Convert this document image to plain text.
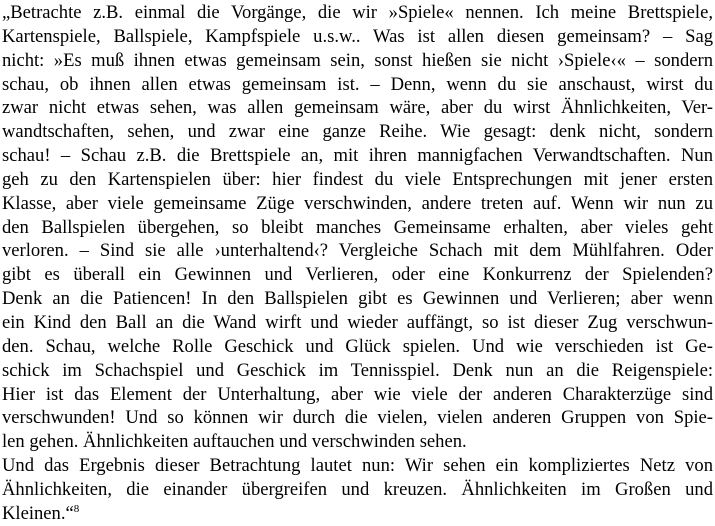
„Betrachte z.B. einmal die Vorgänge, die wir »Spiele« nennen. Ich meine Brettspiele,
Kartenspiele, Ballspiele, Kampfspiele u.s.w.. Was ist allen diesen gemeinsam? – Sag
nicht: »Es muß ihnen etwas gemeinsam sein, sonst hießen sie nicht ›Spiele‹« – sondern
schau, ob ihnen allen etwas gemeinsam ist. – Denn, wenn du sie anschaust, wirst du
zwar nicht etwas sehen, was allen gemeinsam wäre, aber du wirst Ähnlichkeiten, Ver-
wandtschaften, sehen, und zwar eine ganze Reihe. Wie gesagt: denk nicht, sondern
schau! – Schau z.B. die Brettspiele an, mit ihren mannigfachen Verwandtschaften. Nun
geh zu den Kartenspielen über: hier findest du viele Entsprechungen mit jener ersten
Klasse, aber viele gemeinsame Züge verschwinden, andere treten auf. Wenn wir nun zu
den Ballspielen übergehen, so bleibt manches Gemeinsame erhalten, aber vieles geht
verloren. – Sind sie alle ›unterhaltend‹? Vergleiche Schach mit dem Mühlfahren. Oder
gibt es überall ein Gewinnen und Verlieren, oder eine Konkurrenz der Spielenden?
Denk an die Patiencen! In den Ballspielen gibt es Gewinnen und Verlieren; aber wenn
ein Kind den Ball an die Wand wirft und wieder auffängt, so ist dieser Zug verschwun-
den. Schau, welche Rolle Geschick und Glück spielen. Und wie verschieden ist Ge-
schick im Schachspiel und Geschick im Tennisspiel. Denk nun an die Reigenspiele:
Hier ist das Element der Unterhaltung, aber wie viele der anderen Charakterzüge sind
verschwunden! Und so können wir durch die vielen, vielen anderen Gruppen von Spie-
len gehen. Ähnlichkeiten auftauchen und verschwinden sehen.
Und das Ergebnis dieser Betrachtung lautet nun: Wir sehen ein kompliziertes Netz von
Ähnlichkeiten, die einander übergreifen und kreuzen. Ähnlichkeiten im Großen und
Kleinen.“$^8$
